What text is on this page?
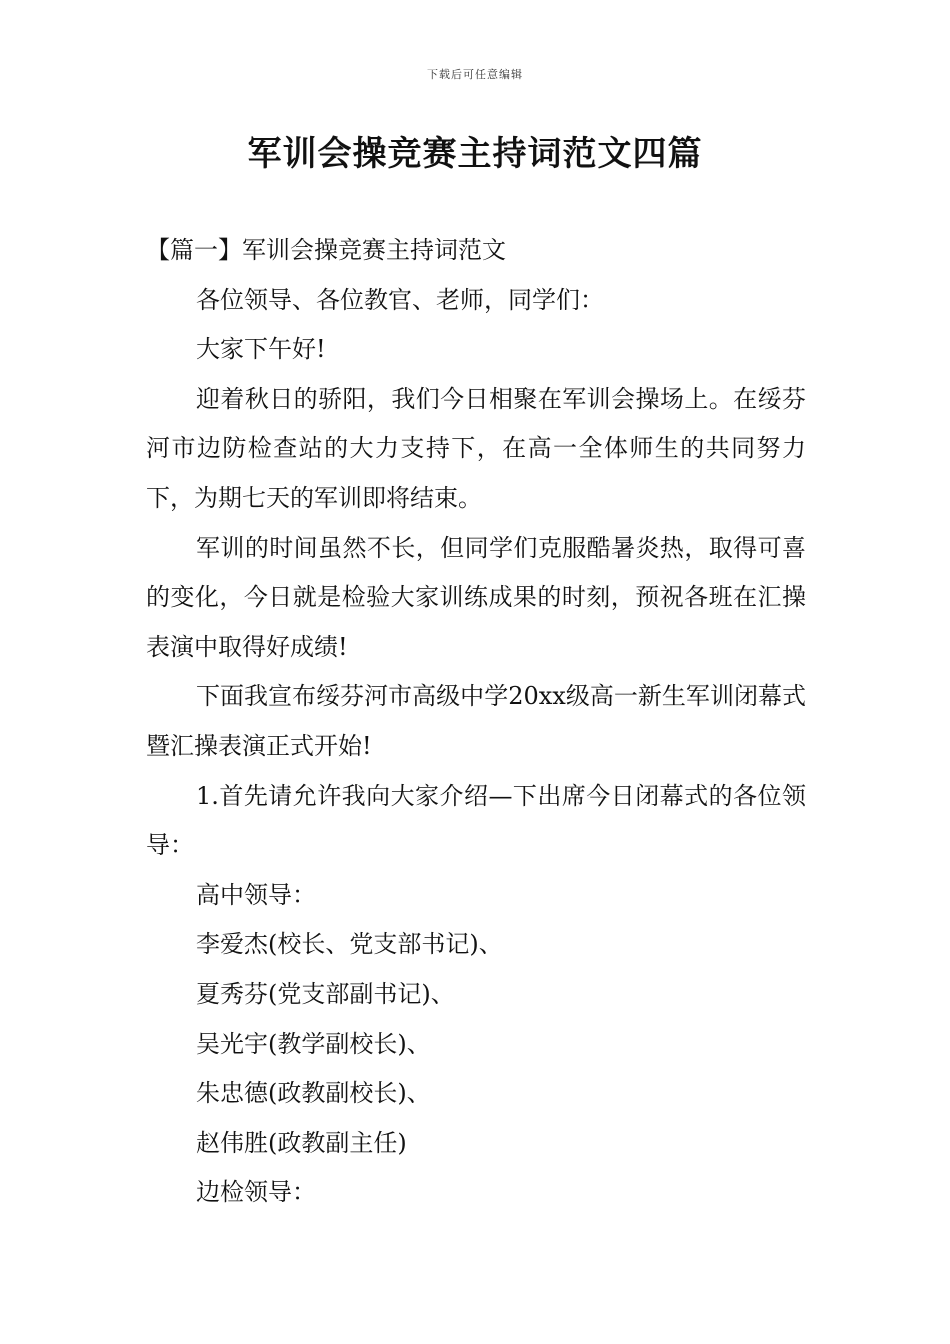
下载后可任意编辑
军训会操竞赛主持词范文四篇

【篇一】军训会操竞赛主持词范文

各位领导、各位教官、老师，同学们：

大家下午好!

迎着秋日的骄阳，我们今日相聚在军训会操场上。在绥芬河市边防检查站的大力支持下，在高一全体师生的共同努力下，为期七天的军训即将结束。

军训的时间虽然不长，但同学们克服酷暑炎热，取得可喜的变化，今日就是检验大家训练成果的时刻，预祝各班在汇操表演中取得好成绩!

下面我宣布绥芬河市高级中学20xx级高一新生军训闭幕式暨汇操表演正式开始!

1.首先请允许我向大家介绍—下出席今日闭幕式的各位领导：

高中领导：

李爱杰(校长、党支部书记)、

夏秀芬(党支部副书记)、

吴光宇(教学副校长)、

朱忠德(政教副校长)、

赵伟胜(政教副主任)

边检领导：
